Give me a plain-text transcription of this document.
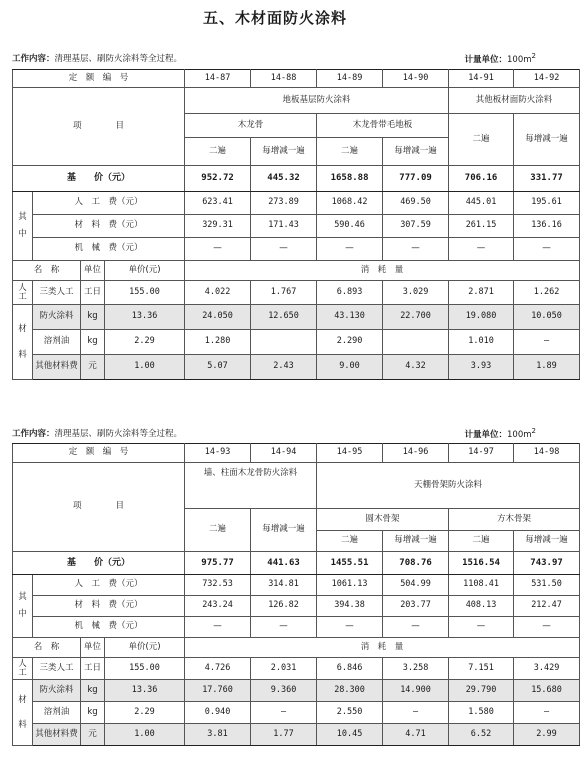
五、木材面防火涂料
工作内容：清理基层、刷防火涂料等全过程。	计量单位：$100m^2$
定　额　编　号				14-87	14-88	14-89	14-90	14-91	14-92
项　　　　目				地板基层防火涂料				其他板材面防火涂料	
				木龙骨		木龙骨带毛地板		二遍	每增减一遍
				二遍	每增减一遍	二遍	每增减一遍		
基　　价（元）				952.72	445.32	1658.88	777.09	706.16	331.77
其

中	人　工　费（元）			623.41	273.89	1068.42	469.50	445.01	195.61
	材　料　费（元）			329.31	171.43	590.46	307.59	261.15	136.16
	机　械　费（元）			—	—	—	—	—	—
名　称		单位	单价(元)	消　耗　量					
人
工	三类人工	工日	155.00	4.022	1.767	6.893	3.029	2.871	1.262
材

料	防火涂料	kg	13.36	24.050	12.650	43.130	22.700	19.080	10.050
	溶剂油	kg	2.29	1.280		2.290		1.010	—
	其他材料费	元	1.00	5.07	2.43	9.00	4.32	3.93	1.89
工作内容：清理基层、刷防火涂料等全过程。	计量单位：$100m^2$
定　额　编　号				14-93	14-94	14-95	14-96	14-97	14-98
项　　　　目				墙、柱面木龙骨防火涂料		天棚骨架防火涂料			
				二遍	每增减一遍	圆木骨架		方木骨架	
						二遍	每增减一遍	二遍	每增减一遍
基　　价（元）				975.77	441.63	1455.51	708.76	1516.54	743.97
其

中	人　工　费（元）			732.53	314.81	1061.13	504.99	1108.41	531.50
	材　料　费（元）			243.24	126.82	394.38	203.77	408.13	212.47
	机　械　费（元）			—	—	—	—	—	—
名　称		单位	单价(元)	消　耗　量					
人
工	三类人工	工日	155.00	4.726	2.031	6.846	3.258	7.151	3.429
材

料	防火涂料	kg	13.36	17.760	9.360	28.300	14.900	29.790	15.680
	溶剂油	kg	2.29	0.940	—	2.550	—	1.580	—
	其他材料费	元	1.00	3.81	1.77	10.45	4.71	6.52	2.99
